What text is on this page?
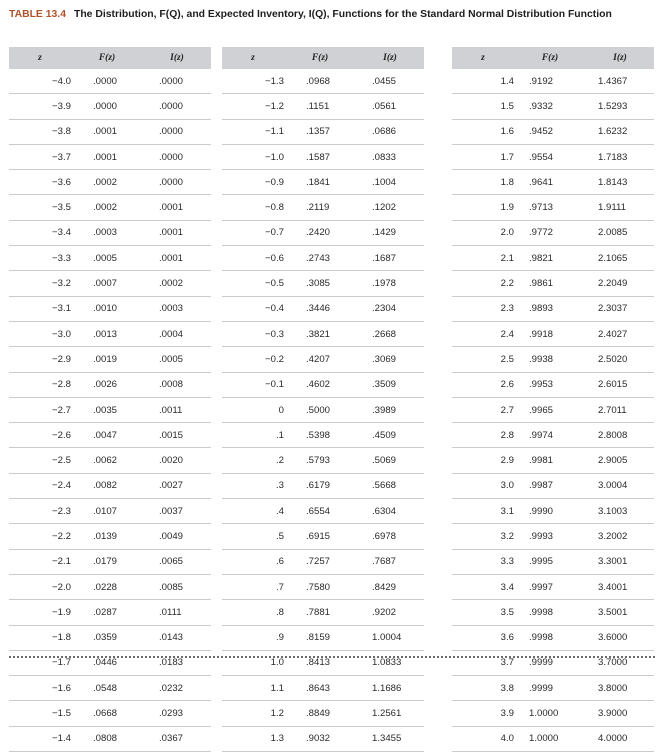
TABLE 13.4 The Distribution, F(Q), and Expected Inventory, I(Q), Functions for the Standard Normal Distribution Function
z	F(z)	I(z)
−4.0	.0000	.0000
−3.9	.0000	.0000
−3.8	.0001	.0000
−3.7	.0001	.0000
−3.6	.0002	.0000
−3.5	.0002	.0001
−3.4	.0003	.0001
−3.3	.0005	.0001
−3.2	.0007	.0002
−3.1	.0010	.0003
−3.0	.0013	.0004
−2.9	.0019	.0005
−2.8	.0026	.0008
−2.7	.0035	.0011
−2.6	.0047	.0015
−2.5	.0062	.0020
−2.4	.0082	.0027
−2.3	.0107	.0037
−2.2	.0139	.0049
−2.1	.0179	.0065
−2.0	.0228	.0085
−1.9	.0287	.0111
−1.8	.0359	.0143
−1.7	.0446	.0183
−1.6	.0548	.0232
−1.5	.0668	.0293
−1.4	.0808	.0367
z	F(z)	I(z)
−1.3	.0968	.0455
−1.2	.1151	.0561
−1.1	.1357	.0686
−1.0	.1587	.0833
−0.9	.1841	.1004
−0.8	.2119	.1202
−0.7	.2420	.1429
−0.6	.2743	.1687
−0.5	.3085	.1978
−0.4	.3446	.2304
−0.3	.3821	.2668
−0.2	.4207	.3069
−0.1	.4602	.3509
0	.5000	.3989
.1	.5398	.4509
.2	.5793	.5069
.3	.6179	.5668
.4	.6554	.6304
.5	.6915	.6978
.6	.7257	.7687
.7	.7580	.8429
.8	.7881	.9202
.9	.8159	1.0004
1.0	.8413	1.0833
1.1	.8643	1.1686
1.2	.8849	1.2561
1.3	.9032	1.3455
z	F(z)	I(z)
1.4	.9192	1.4367
1.5	.9332	1.5293
1.6	.9452	1.6232
1.7	.9554	1.7183
1.8	.9641	1.8143
1.9	.9713	1.9111
2.0	.9772	2.0085
2.1	.9821	2.1065
2.2	.9861	2.2049
2.3	.9893	2.3037
2.4	.9918	2.4027
2.5	.9938	2.5020
2.6	.9953	2.6015
2.7	.9965	2.7011
2.8	.9974	2.8008
2.9	.9981	2.9005
3.0	.9987	3.0004
3.1	.9990	3.1003
3.2	.9993	3.2002
3.3	.9995	3.3001
3.4	.9997	3.4001
3.5	.9998	3.5001
3.6	.9998	3.6000
3.7	.9999	3.7000
3.8	.9999	3.8000
3.9	1.0000	3.9000
4.0	1.0000	4.0000
